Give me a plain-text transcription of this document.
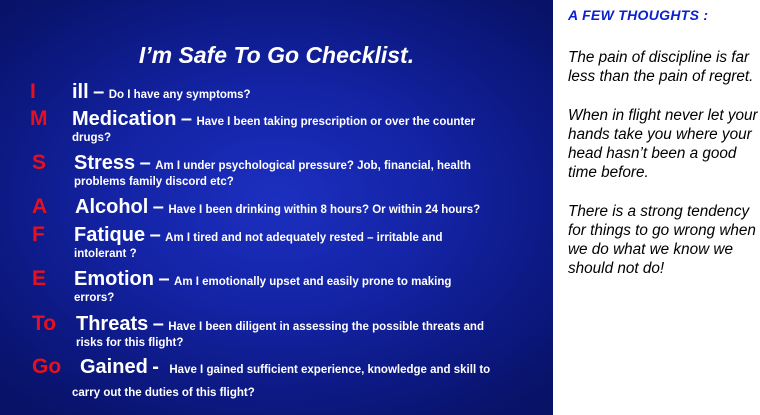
I’m Safe To Go Checklist.
I ill – Do I have any symptoms?
M Medication – Have I been taking prescription or over the counter
drugs?
S Stress – Am I under psychological pressure? Job, financial, health
problems family discord etc?
A Alcohol – Have I been drinking within 8 hours? Or within 24 hours?
F Fatique – Am I tired and not adequately rested – irritable and
intolerant ?
E Emotion – Am I emotionally upset and easily prone to making
errors?
To Threats – Have I been diligent in assessing the possible threats and
risks for this flight?
Go Gained - Have I gained sufficient experience, knowledge and skill to
carry out the duties of this flight?
A FEW THOUGHTS :

The pain of discipline is far less than the pain of regret.

When in flight never let your hands take you where your head hasn’t been a good time before.

There is a strong tendency for things to go wrong when we do what we know we should not do!
